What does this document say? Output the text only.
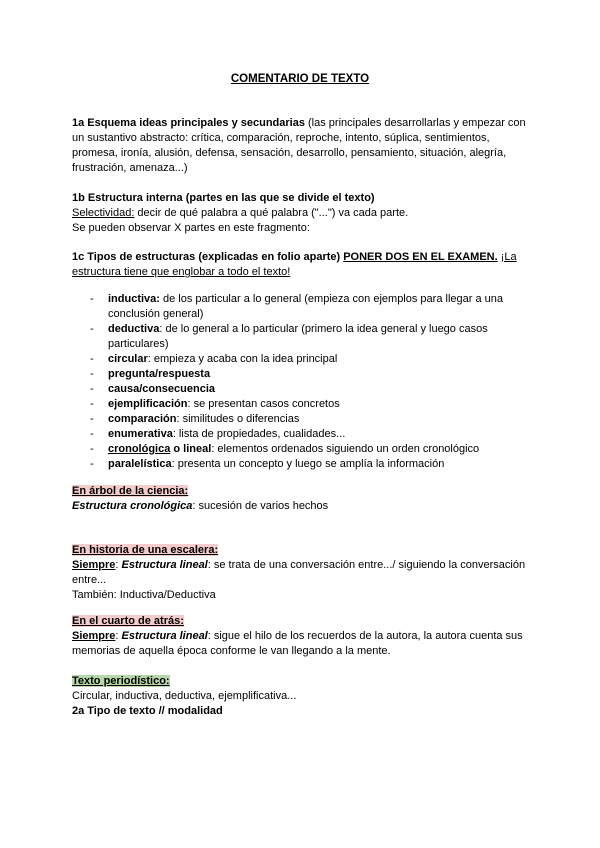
COMENTARIO DE TEXTO
1a Esquema ideas principales y secundarias (las principales desarrollarlas y empezar con un sustantivo abstracto: crítica, comparación, reproche, intento, súplica, sentimientos, promesa, ironía, alusión, defensa, sensación, desarrollo, pensamiento, situación, alegría, frustración, amenaza...)
1b Estructura interna (partes en las que se divide el texto)
Selectividad: decir de qué palabra a qué palabra ("...") va cada parte.
Se pueden observar X partes en este fragmento:
1c Tipos de estructuras (explicadas en folio aparte) PONER DOS EN EL EXAMEN. ¡La estructura tiene que englobar a todo el texto!
- inductiva: de los particular a lo general (empieza con ejemplos para llegar a una conclusión general)
- deductiva: de lo general a lo particular (primero la idea general y luego casos particulares)
- circular: empieza y acaba con la idea principal
- pregunta/respuesta
- causa/consecuencia
- ejemplificación: se presentan casos concretos
- comparación: similitudes o diferencias
- enumerativa: lista de propiedades, cualidades...
- cronológica o lineal: elementos ordenados siguiendo un orden cronológico
- paralelística: presenta un concepto y luego se amplía la información
En árbol de la ciencia:
Estructura cronológica: sucesión de varios hechos
En historia de una escalera:
Siempre: Estructura lineal: se trata de una conversación entre.../ siguiendo la conversación entre...
También: Inductiva/Deductiva
En el cuarto de atrás:
Siempre: Estructura lineal: sigue el hilo de los recuerdos de la autora, la autora cuenta sus memorias de aquella época conforme le van llegando a la mente.
Texto periodístico:
Circular, inductiva, deductiva, ejemplificativa...
2a Tipo de texto // modalidad
